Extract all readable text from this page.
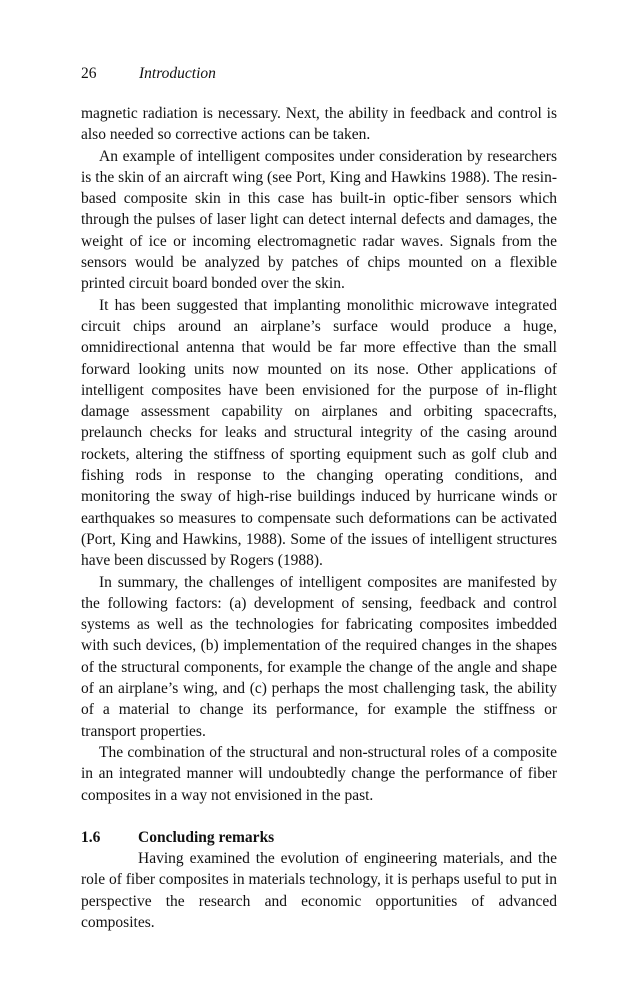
26	Introduction

magnetic radiation is necessary. Next, the ability in feedback and control is also needed so corrective actions can be taken.

An example of intelligent composites under consideration by researchers is the skin of an aircraft wing (see Port, King and Hawkins 1988). The resin-based composite skin in this case has built-in optic-fiber sensors which through the pulses of laser light can detect internal defects and damages, the weight of ice or incoming electromagnetic radar waves. Signals from the sensors would be analyzed by patches of chips mounted on a flexible printed circuit board bonded over the skin.

It has been suggested that implanting monolithic microwave integrated circuit chips around an airplane’s surface would produce a huge, omnidirectional antenna that would be far more effective than the small forward looking units now mounted on its nose. Other applications of intelligent composites have been envisioned for the purpose of in-flight damage assessment capability on airplanes and orbiting spacecrafts, prelaunch checks for leaks and structural integrity of the casing around rockets, altering the stiffness of sporting equipment such as golf club and fishing rods in response to the changing operating conditions, and monitoring the sway of high-rise buildings induced by hurricane winds or earthquakes so measures to compensate such deformations can be activated (Port, King and Hawkins, 1988). Some of the issues of intelligent structures have been discussed by Rogers (1988).

In summary, the challenges of intelligent composites are manifested by the following factors: (a) development of sensing, feedback and control systems as well as the technologies for fabricating composites imbedded with such devices, (b) implementation of the required changes in the shapes of the structural components, for example the change of the angle and shape of an airplane’s wing, and (c) perhaps the most challenging task, the ability of a material to change its performance, for example the stiffness or transport properties.

The combination of the structural and non-structural roles of a composite in an integrated manner will undoubtedly change the performance of fiber composites in a way not envisioned in the past.

1.6 Concluding remarks

Having examined the evolution of engineering materials, and the role of fiber composites in materials technology, it is perhaps useful to put in perspective the research and economic opportunities of advanced composites.
